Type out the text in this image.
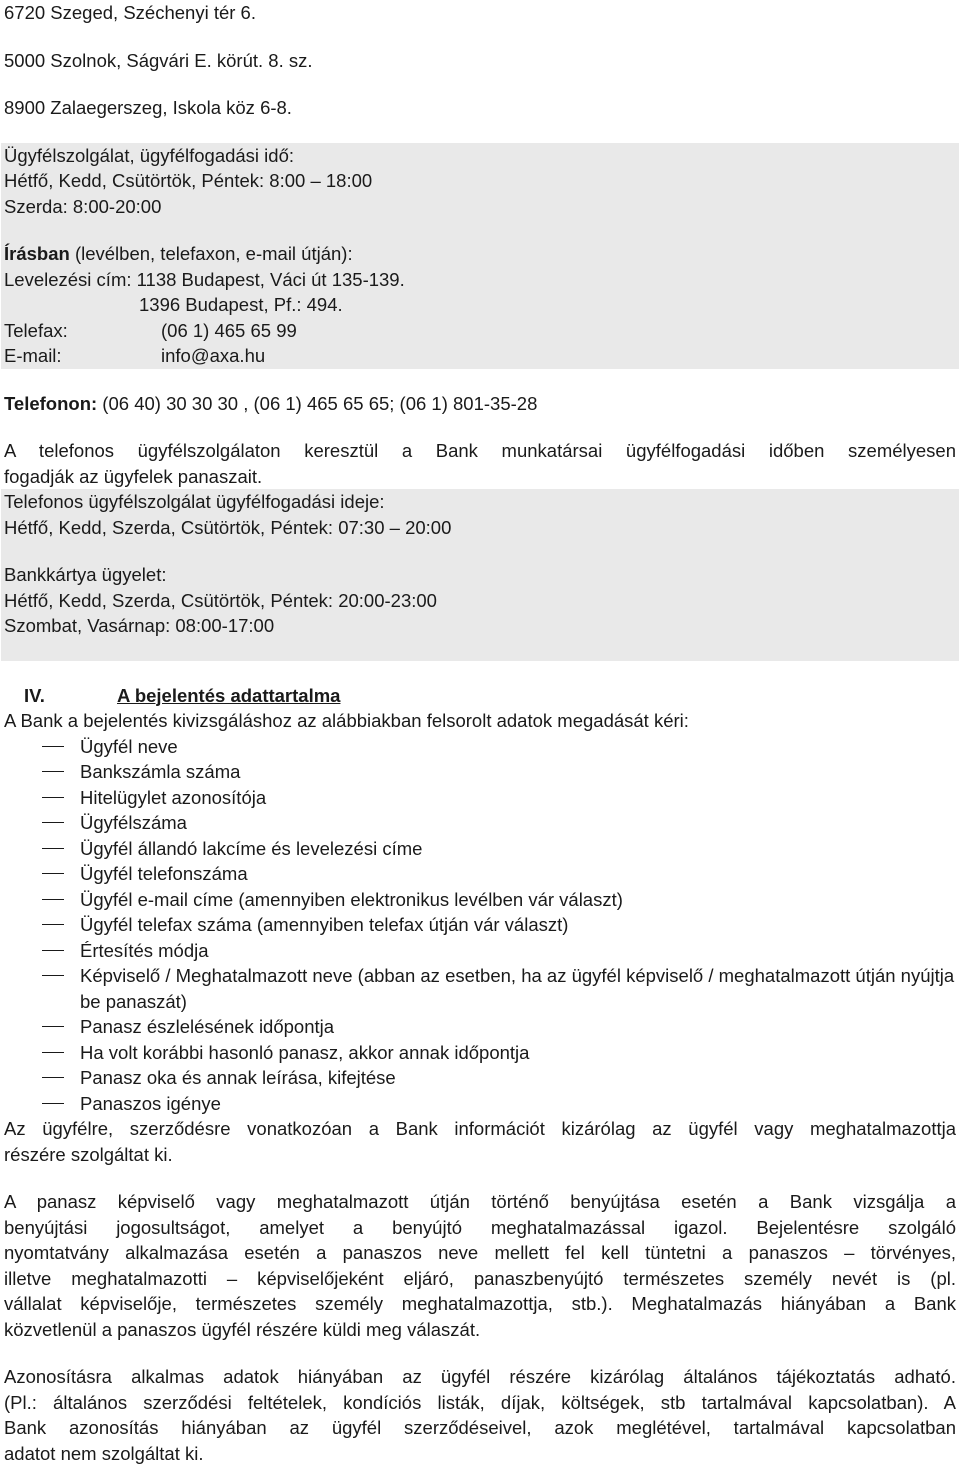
6720 Szeged, Széchenyi tér 6.
5000 Szolnok, Ságvári E. körút. 8. sz.
8900 Zalaegerszeg, Iskola köz 6-8.
Ügyfélszolgálat, ügyfélfogadási idő:
Hétfő, Kedd, Csütörtök, Péntek: 8:00 – 18:00
Szerda: 8:00-20:00
Írásban (levélben, telefaxon, e-mail útján):
Levelezési cím: 1138 Budapest, Váci út 135-139.
1396 Budapest, Pf.: 494.
Telefax:	(06 1) 465 65 99
E-mail:	info@axa.hu
Telefonon: (06 40) 30 30 30 , (06 1) 465 65 65; (06 1) 801-35-28
A telefonos ügyfélszolgálaton keresztül a Bank munkatársai ügyfélfogadási időben személyesen
fogadják az ügyfelek panaszait.
Telefonos ügyfélszolgálat ügyfélfogadási ideje:
Hétfő, Kedd, Szerda, Csütörtök, Péntek: 07:30 – 20:00
Bankkártya ügyelet:
Hétfő, Kedd, Szerda, Csütörtök, Péntek: 20:00-23:00
Szombat, Vasárnap: 08:00-17:00
IV.	A bejelentés adattartalma
A Bank a bejelentés kivizsgáláshoz az alábbiakban felsorolt adatok megadását kéri:
Ügyfél neve
Bankszámla száma
Hitelügylet azonosítója
Ügyfélszáma
Ügyfél állandó lakcíme és levelezési címe
Ügyfél telefonszáma
Ügyfél e-mail címe (amennyiben elektronikus levélben vár választ)
Ügyfél telefax száma (amennyiben telefax útján vár választ)
Értesítés módja
Képviselő / Meghatalmazott neve (abban az esetben, ha az ügyfél képviselő / meghatalmazott útján nyújtja be panaszát)
Panasz észlelésének időpontja
Ha volt korábbi hasonló panasz, akkor annak időpontja
Panasz oka és annak leírása, kifejtése
Panaszos igénye
Az ügyfélre, szerződésre vonatkozóan a Bank információt kizárólag az ügyfél vagy meghatalmazottja
részére szolgáltat ki.
A panasz képviselő vagy meghatalmazott útján történő benyújtása esetén a Bank vizsgálja a
benyújtási jogosultságot, amelyet a benyújtó meghatalmazással igazol. Bejelentésre szolgáló
nyomtatvány alkalmazása esetén a panaszos neve mellett fel kell tüntetni a panaszos – törvényes,
illetve meghatalmazotti – képviselőjeként eljáró, panaszbenyújtó természetes személy nevét is (pl.
vállalat képviselője, természetes személy meghatalmazottja, stb.). Meghatalmazás hiányában a Bank
közvetlenül a panaszos ügyfél részére küldi meg válaszát.
Azonosításra alkalmas adatok hiányában az ügyfél részére kizárólag általános tájékoztatás adható.
(Pl.: általános szerződési feltételek, kondíciós listák, díjak, költségek, stb tartalmával kapcsolatban). A
Bank azonosítás hiányában az ügyfél szerződéseivel, azok meglétével, tartalmával kapcsolatban
adatot nem szolgáltat ki.
